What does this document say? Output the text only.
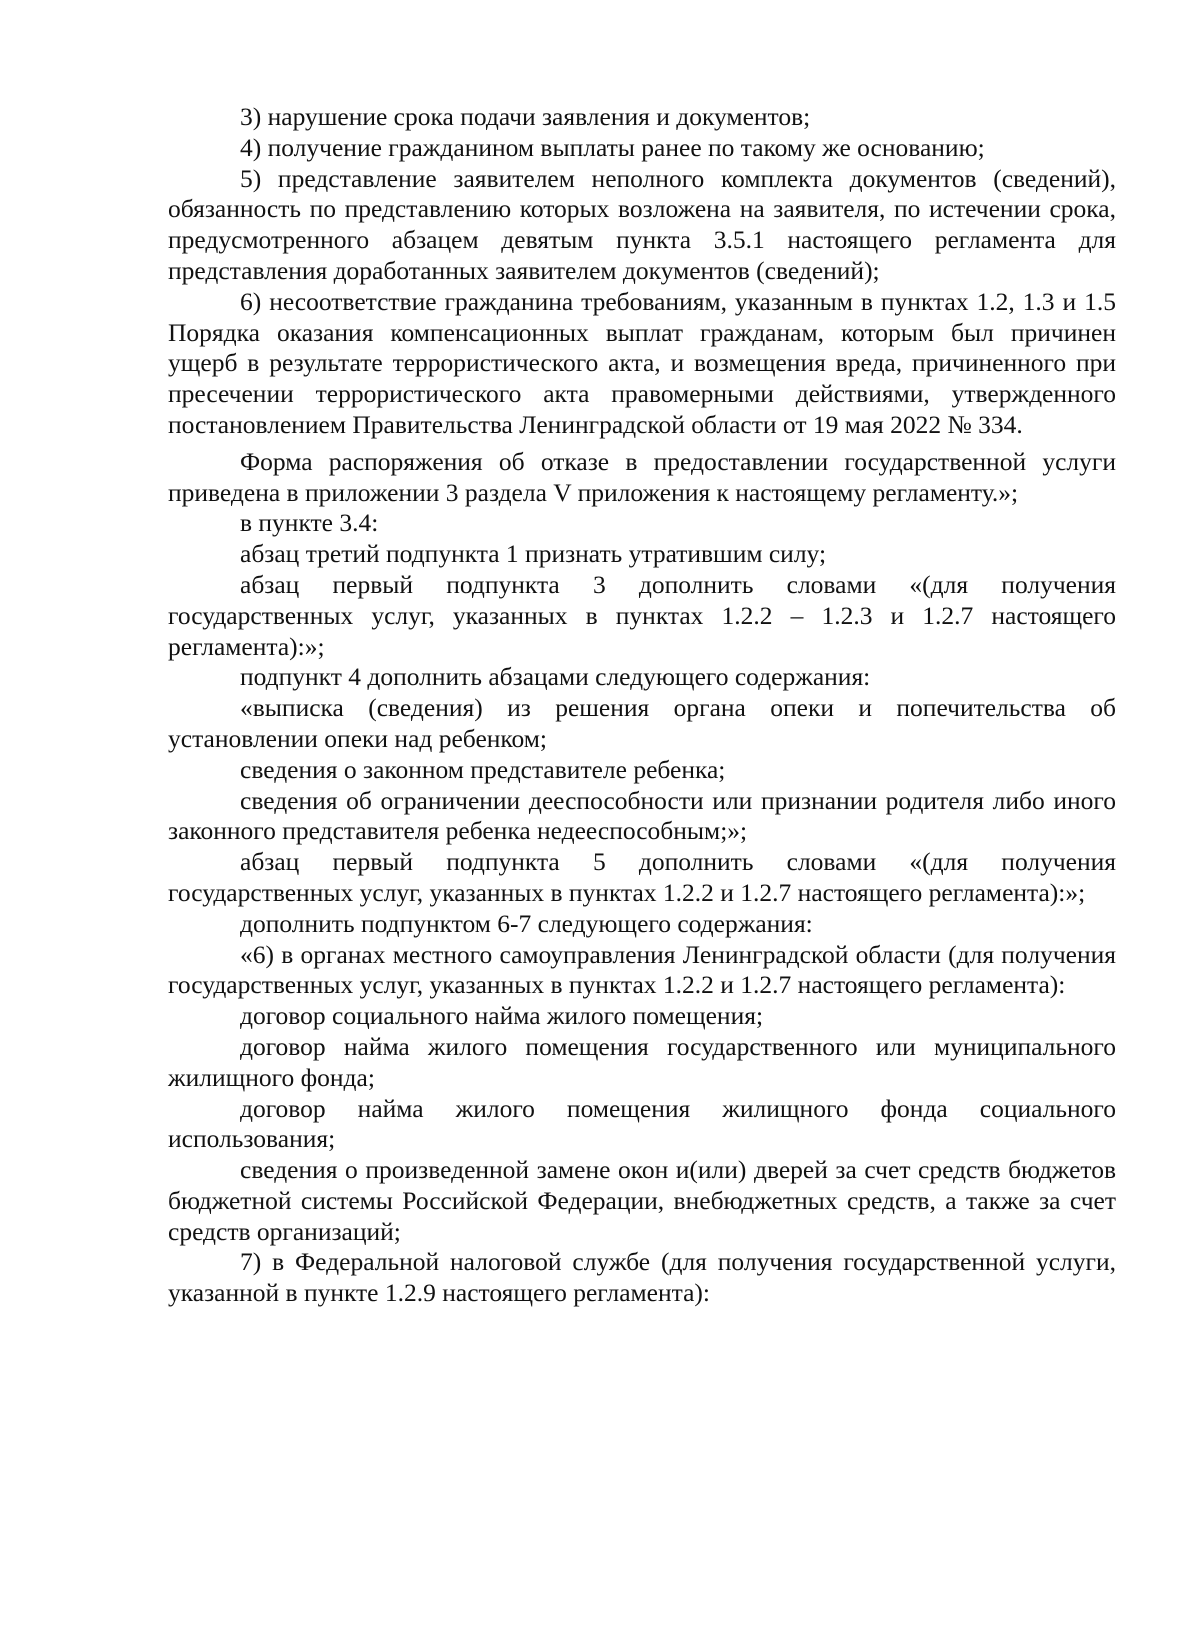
3) нарушение срока подачи заявления и документов;

4) получение гражданином выплаты ранее по такому же основанию;

5) представление заявителем неполного комплекта документов (сведений), обязанность по представлению которых возложена на заявителя, по истечении срока, предусмотренного абзацем девятым пункта 3.5.1 настоящего регламента для представления доработанных заявителем документов (сведений);

6) несоответствие гражданина требованиям, указанным в пунктах 1.2, 1.3 и 1.5 Порядка оказания компенсационных выплат гражданам, которым был причинен ущерб в результате террористического акта, и возмещения вреда, причиненного при пресечении террористического акта правомерными действиями, утвержденного постановлением Правительства Ленинградской области от 19 мая 2022 № 334.

Форма распоряжения об отказе в предоставлении государственной услуги приведена в приложении 3 раздела V приложения к настоящему регламенту.»;

в пункте 3.4:

абзац третий подпункта 1 признать утратившим силу;

абзац первый подпункта 3 дополнить словами «(для получения государственных услуг, указанных в пунктах 1.2.2 – 1.2.3 и 1.2.7 настоящего регламента):»;

подпункт 4 дополнить абзацами следующего содержания:

«выписка (сведения) из решения органа опеки и попечительства об установлении опеки над ребенком;

сведения о законном представителе ребенка;

сведения об ограничении дееспособности или признании родителя либо иного законного представителя ребенка недееспособным;»;

абзац первый подпункта 5 дополнить словами «(для получения государственных услуг, указанных в пунктах 1.2.2 и 1.2.7 настоящего регламента):»;

дополнить подпунктом 6-7 следующего содержания:

«6) в органах местного самоуправления Ленинградской области (для получения государственных услуг, указанных в пунктах 1.2.2 и 1.2.7 настоящего регламента):

договор социального найма жилого помещения;

договор найма жилого помещения государственного или муниципального жилищного фонда;

договор найма жилого помещения жилищного фонда социального использования;

сведения о произведенной замене окон и(или) дверей за счет средств бюджетов бюджетной системы Российской Федерации, внебюджетных средств, а также за счет средств организаций;

7) в Федеральной налоговой службе (для получения государственной услуги, указанной в пункте 1.2.9 настоящего регламента):
